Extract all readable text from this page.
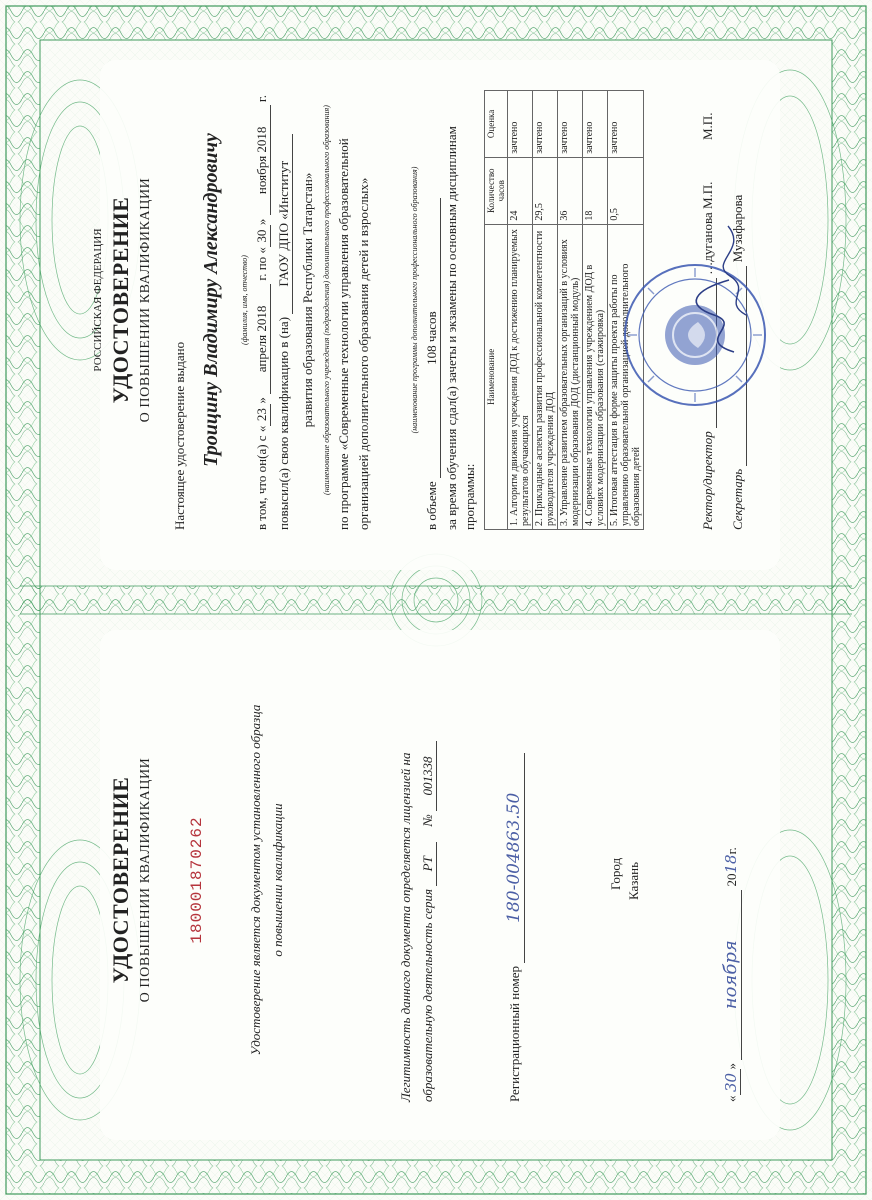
УДОСТОВЕРЕНИЕ О ПОВЫШЕНИИ КВАЛИФИКАЦИИ 180001870262	Удостоверение является документом установленного образца о повышении квалификации	Легитимность данного документа определяется лицензией на образовательную деятельность серия РТ № 001338
Регистрационный номер 180-004863.50	Город Казань
«30» ноября 2018г.
РОССИЙСКАЯ ФЕДЕРАЦИЯ УДОСТОВЕРЕНИЕ О ПОВЫШЕНИИ КВАЛИФИКАЦИИ
Настоящее удостоверение выдано Троицину Владимиру Александровичу (фамилия, имя, отчество)
в том, что он(а) с «23» апреля 2018 г. по «30» ноября 2018 г.
повысил(а) свою квалификацию в (на) ГАОУ ДПО «Институт развития образования Республики Татарстан» (наименование образовательного учреждения (подразделения) дополнительного профессионального образования)
по программе «Современные технологии управления образовательной организацией дополнительного образования детей и взрослых»	(наименование программы дополнительного профессионального образования)
в объеме 108 часов за время обучения сдал(а) зачеты и экзамены по основным дисциплинам программы:
Наименование	Количество часов	Оценка
1. Алгоритм движения учреждения ДОД к достижению планируемых результатов обучающихся	24	зачтено
2. Прикладные аспекты развития профессиональной компетентности руководителя учреждения ДОД	29,5	зачтено
3. Управление развитием образовательных организаций в условиях модернизации образования ДОД (дистанционный модуль)	36	зачтено
4. Современные технологии управления учреждением ДОД в условиях модернизации образования (стажировка)	18	зачтено
5. Итоговая аттестация в форме защиты проекта работы по управлению образовательной организацией дополнительного образования детей	0,5	зачтено
Ректор/директор   …дуганова М.П.
Секретарь   Музафарова
М.П.
